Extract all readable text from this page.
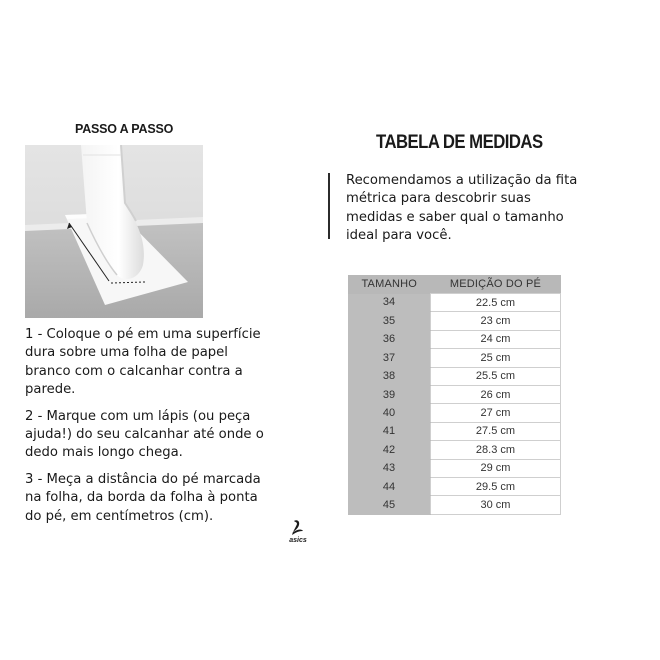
PASSO A PASSO

1 - Coloque o pé em uma superfície dura sobre uma folha de papel branco com o calcanhar contra a parede.

2 - Marque com um lápis (ou peça ajuda!) do seu calcanhar até onde o dedo mais longo chega.

3 - Meça a distância do pé marcada na folha, da borda da folha à ponta do pé, em centímetros (cm).

asics
TABELA DE MEDIDAS
Recomendamos a utilização da fita métrica para descobrir suas medidas e saber qual o tamanho ideal para você.
TAMANHO	MEDIÇÃO DO PÉ
34	22.5 cm
35	23 cm
36	24 cm
37	25 cm
38	25.5 cm
39	26 cm
40	27 cm
41	27.5 cm
42	28.3 cm
43	29 cm
44	29.5 cm
45	30 cm
